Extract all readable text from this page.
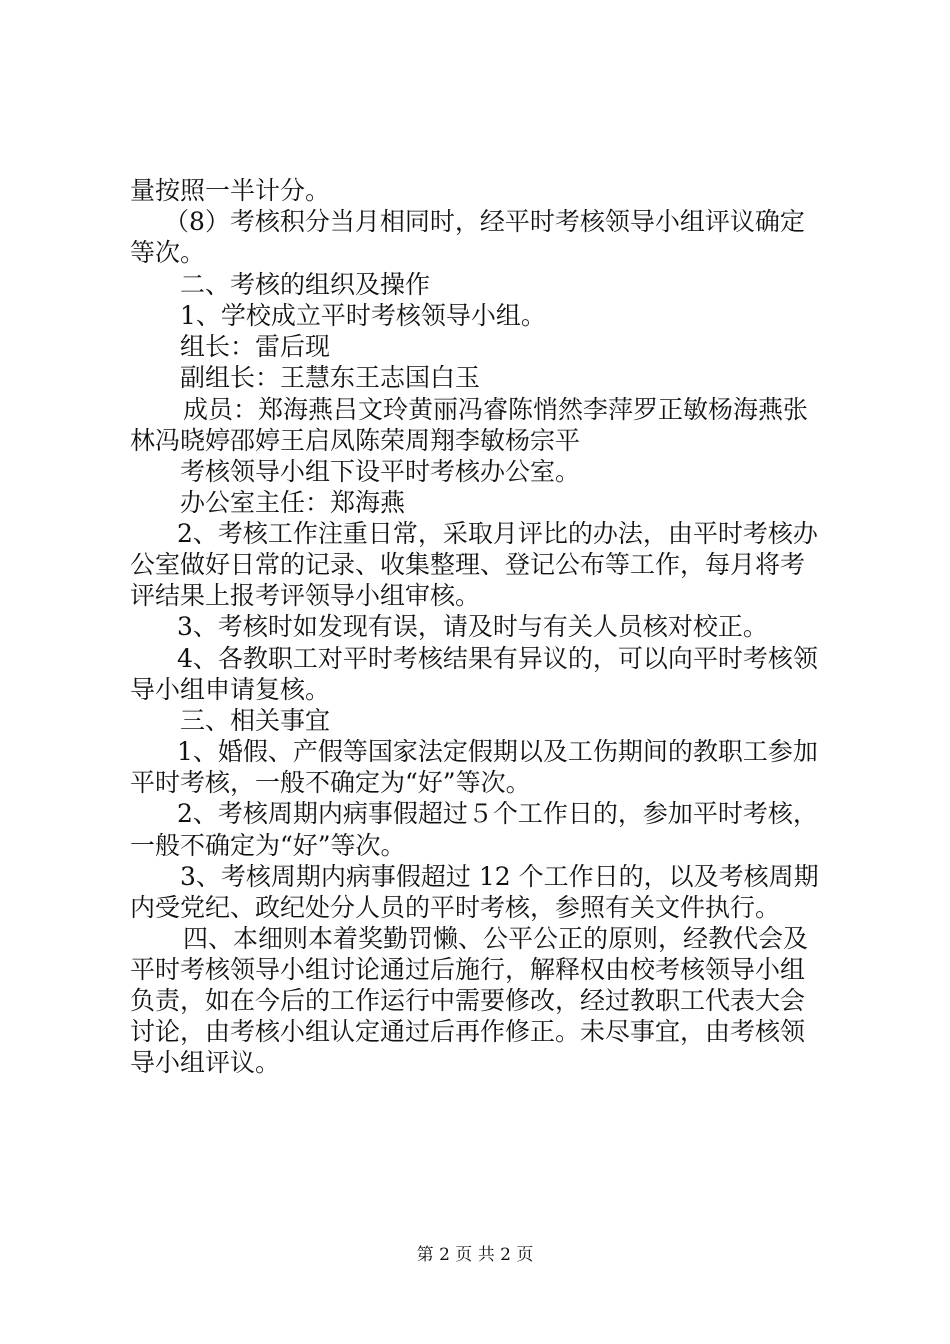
量按照一半计分。
（8）考核积分当月相同时，经平时考核领导小组评议确定
等次。
二、考核的组织及操作
1、学校成立平时考核领导小组。
组长：雷后现
副组长：王慧东王志国白玉
成员：郑海燕吕文玲黄丽冯睿陈悄然李萍罗正敏杨海燕张
林冯晓婷邵婷王启凤陈荣周翔李敏杨宗平
考核领导小组下设平时考核办公室。
办公室主任：郑海燕
2、考核工作注重日常，采取月评比的办法，由平时考核办
公室做好日常的记录、收集整理、登记公布等工作，每月将考
评结果上报考评领导小组审核。
3、考核时如发现有误，请及时与有关人员核对校正。
4、各教职工对平时考核结果有异议的，可以向平时考核领
导小组申请复核。
三、相关事宜
1、婚假、产假等国家法定假期以及工伤期间的教职工参加
平时考核，一般不确定为“好”等次。
2、考核周期内病事假超过５个工作日的，参加平时考核，
一般不确定为“好”等次。
3、考核周期内病事假超过 12 个工作日的，以及考核周期
内受党纪、政纪处分人员的平时考核，参照有关文件执行。
四、本细则本着奖勤罚懒、公平公正的原则，经教代会及
平时考核领导小组讨论通过后施行，解释权由校考核领导小组
负责，如在今后的工作运行中需要修改，经过教职工代表大会
讨论，由考核小组认定通过后再作修正。未尽事宜，由考核领
导小组评议。
第 2 页 共 2 页
